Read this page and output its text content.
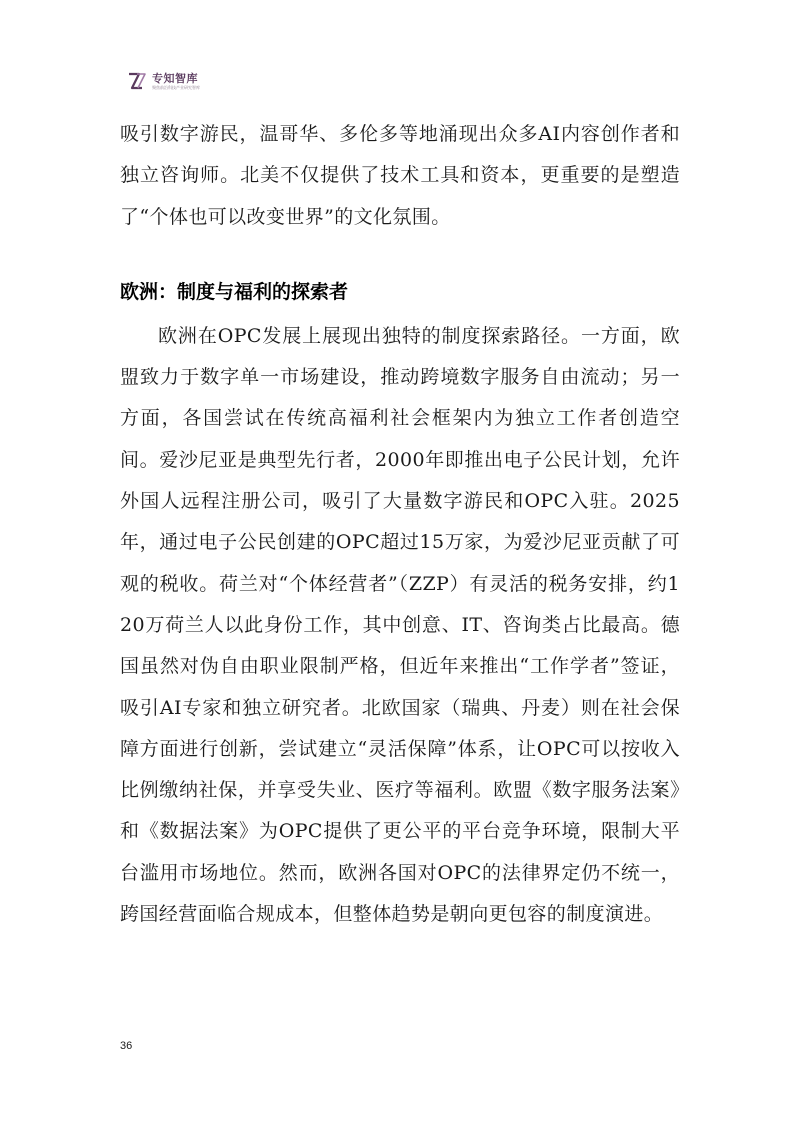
专知智库
聚焦前沿科技产业研究智库

吸引数字游民，温哥华、多伦多等地涌现出众多AI内容创作者和独立咨询师。北美不仅提供了技术工具和资本，更重要的是塑造了“个体也可以改变世界”的文化氛围。

欧洲：制度与福利的探索者

欧洲在OPC发展上展现出独特的制度探索路径。一方面，欧盟致力于数字单一市场建设，推动跨境数字服务自由流动；另一方面，各国尝试在传统高福利社会框架内为独立工作者创造空间。爱沙尼亚是典型先行者，2000年即推出电子公民计划，允许外国人远程注册公司，吸引了大量数字游民和OPC入驻。2025年，通过电子公民创建的OPC超过15万家，为爱沙尼亚贡献了可观的税收。荷兰对“个体经营者”（ZZP）有灵活的税务安排，约120万荷兰人以此身份工作，其中创意、IT、咨询类占比最高。德国虽然对伪自由职业限制严格，但近年来推出“工作学者”签证，吸引AI专家和独立研究者。北欧国家（瑞典、丹麦）则在社会保障方面进行创新，尝试建立“灵活保障”体系，让OPC可以按收入比例缴纳社保，并享受失业、医疗等福利。欧盟《数字服务法案》和《数据法案》为OPC提供了更公平的平台竞争环境，限制大平台滥用市场地位。然而，欧洲各国对OPC的法律界定仍不统一，跨国经营面临合规成本，但整体趋势是朝向更包容的制度演进。

36
